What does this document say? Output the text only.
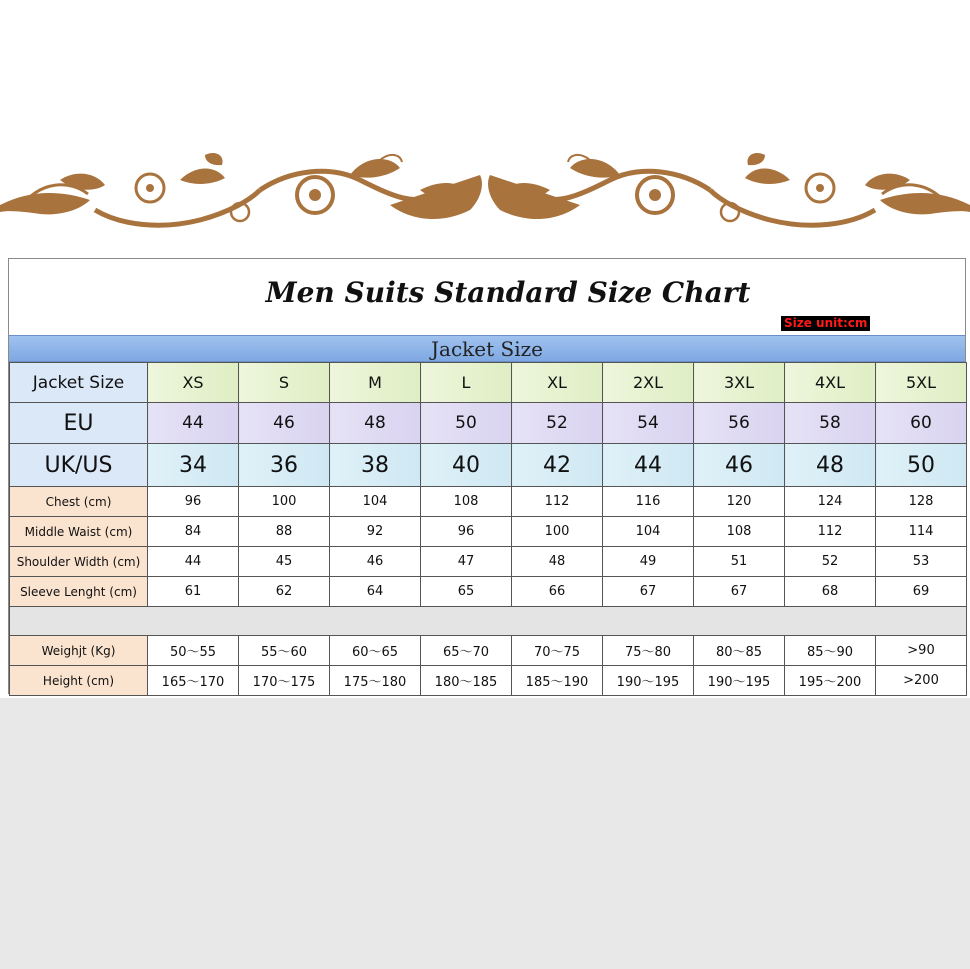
Men Suits Standard Size Chart
Size unit:cm
Jacket Size
Jacket Size	XS	S	M	L	XL	2XL	3XL	4XL	5XL
EU	44	46	48	50	52	54	56	58	60
UK/US	34	36	38	40	42	44	46	48	50
Chest (cm)	96	100	104	108	112	116	120	124	128
Middle Waist (cm)	84	88	92	96	100	104	108	112	114
Shoulder Width (cm)	44	45	46	47	48	49	51	52	53
Sleeve Lenght (cm)	61	62	64	65	66	67	67	68	69

Weighjt (Kg)	50～55	55～60	60～65	65～70	70～75	75～80	80～85	85～90	>90
Height (cm)	165～170	170～175	175～180	180～185	185～190	190～195	190～195	195～200	>200
